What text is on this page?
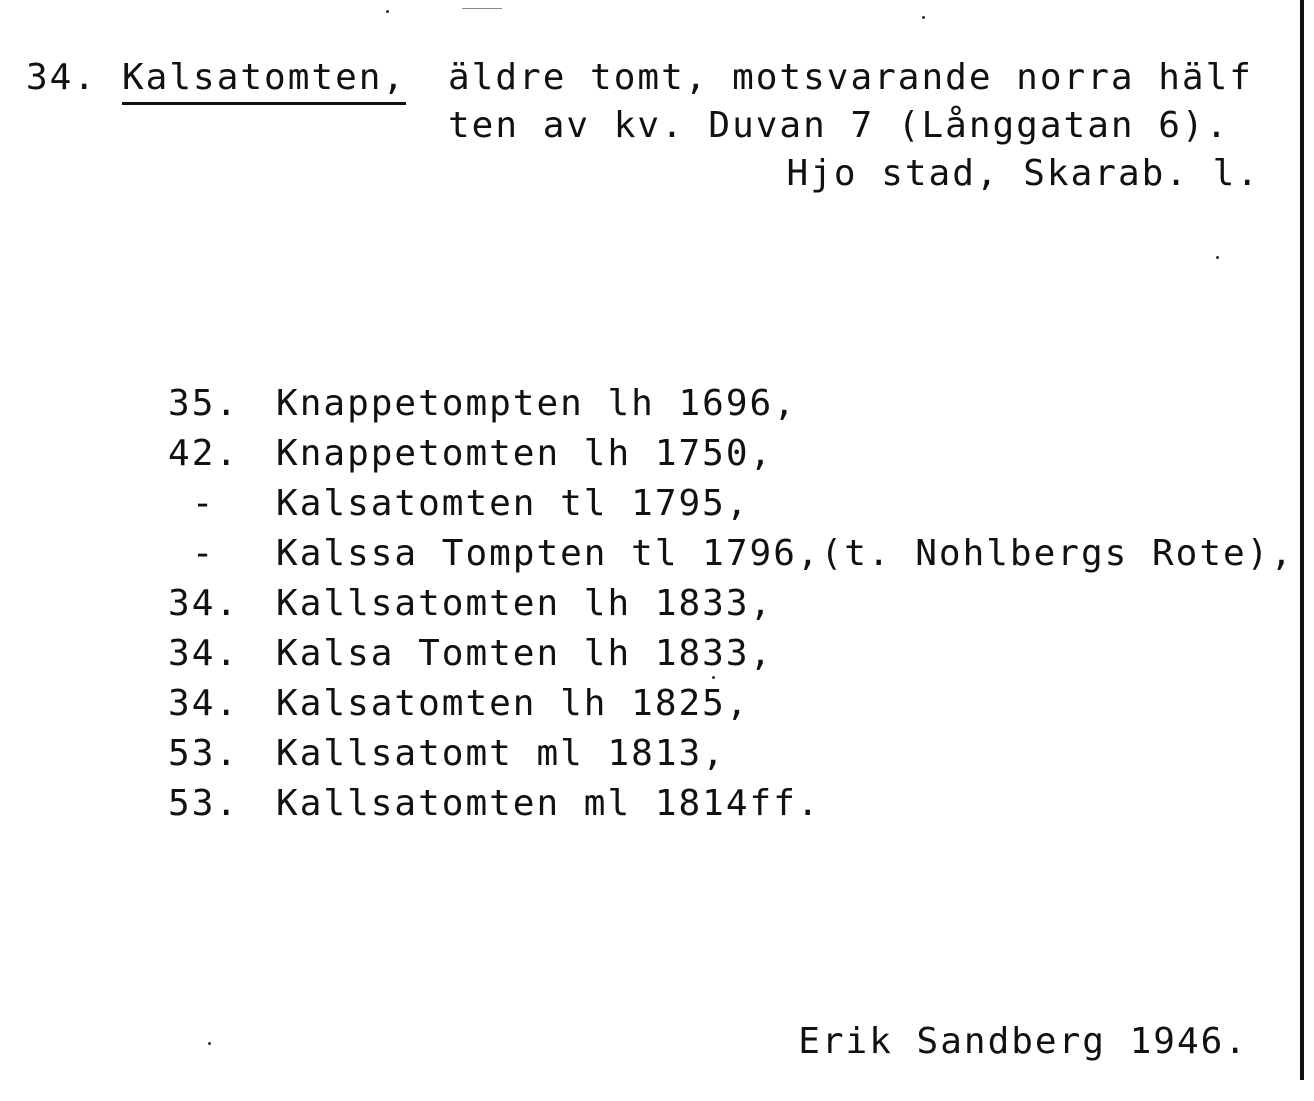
34. Kalsatomten, äldre tomt, motsvarande norra hälf
ten av kv. Duvan 7 (Långgatan 6).
Hjo stad, Skarab. l.

35. Knappetompten lh 1696,

42. Knappetomten lh 1750,

- Kalsatomten tl 1795,

- Kalssa Tompten tl 1796,(t. Nohlbergs Rote),

34. Kallsatomten lh 1833,

34. Kalsa Tomten lh 1833,

34. Kalsatomten lh 1825,

53. Kallsatomt ml 1813,

53. Kallsatomten ml 1814ff.

Erik Sandberg 1946.
